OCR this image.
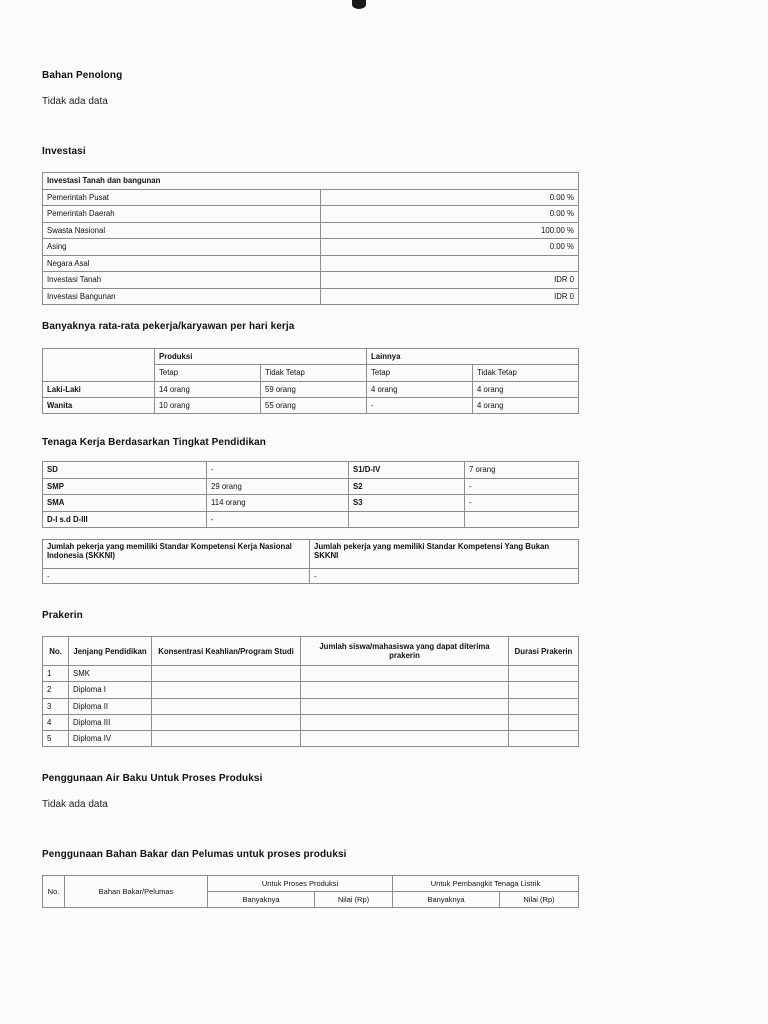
Bahan Penolong
Tidak ada data
Investasi
Investasi Tanah dan bangunan	
Pemerintah Pusat	0.00 %
Pemerintah Daerah	0.00 %
Swasta Nasional	100.00 %
Asing	0.00 %
Negara Asal	
Investasi Tanah	IDR 0
Investasi Bangunan	IDR 0
Banyaknya rata-rata pekerja/karyawan per hari kerja
	Produksi		Lainnya	
	Tetap	Tidak Tetap	Tetap	Tidak Tetap
Laki-Laki	14 orang	59 orang	4 orang	4 orang
Wanita	10 orang	55 orang	-	4 orang
Tenaga Kerja Berdasarkan Tingkat Pendidikan
SD	-	S1/D-IV	7 orang
SMP	29 orang	S2	-
SMA	114 orang	S3	-
D-I s.d D-III	-		
Jumlah pekerja yang memiliki Standar Kompetensi Kerja Nasional Indonesia (SKKNI)	Jumlah pekerja yang memiliki Standar Kompetensi Yang Bukan SKKNI
-	-
Prakerin
No.	Jenjang Pendidikan	Konsentrasi Keahlian/Program Studi	Jumlah siswa/mahasiswa yang dapat diterima prakerin	Durasi Prakerin
1	SMK			
2	Diploma I			
3	Diploma II			
4	Diploma III			
5	Diploma IV			
Penggunaan Air Baku Untuk Proses Produksi
Tidak ada data
Penggunaan Bahan Bakar dan Pelumas untuk proses produksi
No.	Bahan Bakar/Pelumas	Untuk Proses Produksi		Untuk Pembangkit Tenaga Listrik	
		Banyaknya	Nilai (Rp)	Banyaknya	Nilai (Rp)
